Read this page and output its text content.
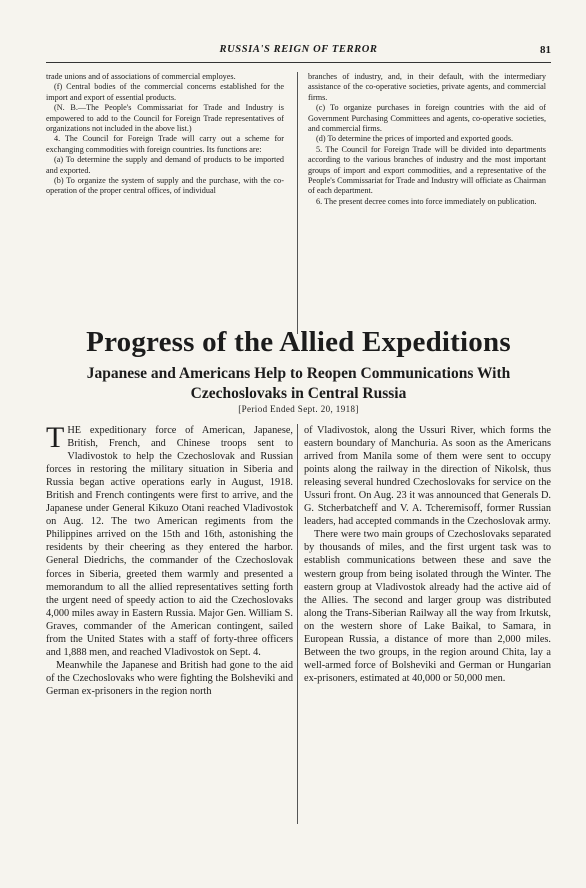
RUSSIA'S REIGN OF TERROR	81

trade unions and of associations of commercial employes.

(f) Central bodies of the commercial concerns established for the import and export of essential products.

(N. B.—The People's Commissariat for Trade and Industry is empowered to add to the Council for Foreign Trade representatives of organizations not included in the above list.)

4. The Council for Foreign Trade will carry out a scheme for exchanging commodities with foreign countries. Its functions are:

(a) To determine the supply and demand of products to be imported and exported.

(b) To organize the system of supply and the purchase, with the co-operation of the proper central offices, of individual

branches of industry, and, in their default, with the intermediary assistance of the co-operative societies, private agents, and commercial firms.

(c) To organize purchases in foreign countries with the aid of Government Purchasing Committees and agents, co-operative societies, and commercial firms.

(d) To determine the prices of imported and exported goods.

5. The Council for Foreign Trade will be divided into departments according to the various branches of industry and the most important groups of import and export commodities, and a representative of the People's Commissariat for Trade and Industry will officiate as Chairman of each department.

6. The present decree comes into force immediately on publication.

Progress of the Allied Expeditions
Japanese and Americans Help to Reopen Communications With
Czechoslovaks in Central Russia
[Period Ended Sept. 20, 1918]

THE expeditionary force of American, Japanese, British, French, and Chinese troops sent to Vladivostok to help the Czechoslovak and Russian forces in restoring the military situation in Siberia and Russia began active operations early in August, 1918. British and French contingents were first to arrive, and the Japanese under General Kikuzo Otani reached Vladivostok on Aug. 12. The two American regiments from the Philippines arrived on the 15th and 16th, astonishing the residents by their cheering as they entered the harbor. General Diedrichs, the commander of the Czechoslovak forces in Siberia, greeted them warmly and presented a memorandum to all the allied representatives setting forth the urgent need of speedy action to aid the Czechoslovaks 4,000 miles away in Eastern Russia. Major Gen. William S. Graves, commander of the American contingent, sailed from the United States with a staff of forty-three officers and 1,888 men, and reached Vladivostok on Sept. 4.

Meanwhile the Japanese and British had gone to the aid of the Czechoslovaks who were fighting the Bolsheviki and German ex-prisoners in the region north

of Vladivostok, along the Ussuri River, which forms the eastern boundary of Manchuria. As soon as the Americans arrived from Manila some of them were sent to occupy points along the railway in the direction of Nikolsk, thus releasing several hundred Czechoslovaks for service on the Ussuri front. On Aug. 23 it was announced that Generals D. G. Stcherbatcheff and V. A. Tcheremisoff, former Russian leaders, had accepted commands in the Czechoslovak army.

There were two main groups of Czechoslovaks separated by thousands of miles, and the first urgent task was to establish communications between these and save the western group from being isolated through the Winter. The eastern group at Vladivostok already had the active aid of the Allies. The second and larger group was distributed along the Trans-Siberian Railway all the way from Irkutsk, on the western shore of Lake Baikal, to Samara, in European Russia, a distance of more than 2,000 miles. Between the two groups, in the region around Chita, lay a well-armed force of Bolsheviki and German or Hungarian ex-prisoners, estimated at 40,000 or 50,000 men.
